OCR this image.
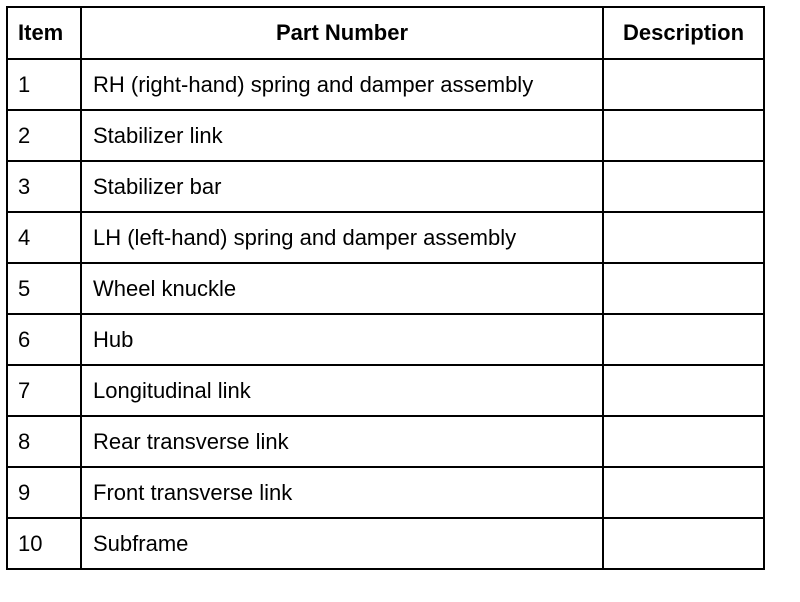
Item	Part Number	Description
1	RH (right-hand) spring and damper assembly	
2	Stabilizer link	
3	Stabilizer bar	
4	LH (left-hand) spring and damper assembly	
5	Wheel knuckle	
6	Hub	
7	Longitudinal link	
8	Rear transverse link	
9	Front transverse link	
10	Subframe	
